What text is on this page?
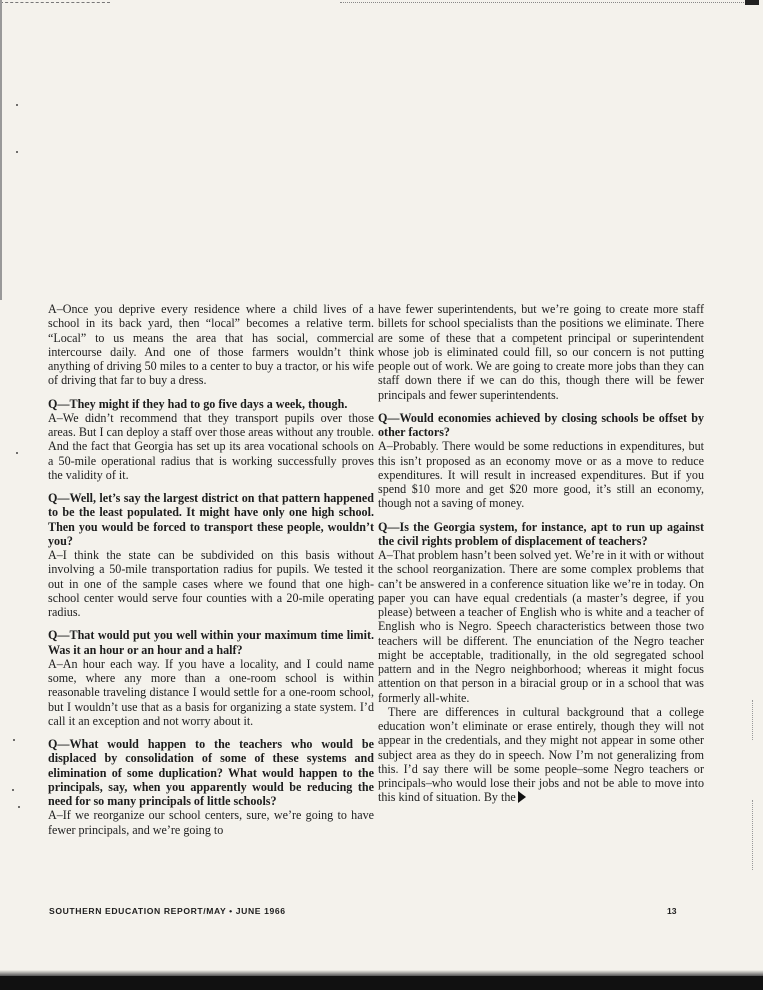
A–Once you deprive every residence where a child lives of a school in its back yard, then “local” becomes a relative term. “Local” to us means the area that has social, commercial intercourse daily. And one of those farmers wouldn’t think anything of driving 50 miles to a center to buy a tractor, or his wife of driving that far to buy a dress.

Q—They might if they had to go five days a week, though.

A–We didn’t recommend that they transport pupils over those areas. But I can deploy a staff over those areas without any trouble. And the fact that Georgia has set up its area vocational schools on a 50-mile operational radius that is working successfully proves the validity of it.

Q—Well, let’s say the largest district on that pattern happened to be the least populated. It might have only one high school. Then you would be forced to transport these people, wouldn’t you?

A–I think the state can be subdivided on this basis without involving a 50-mile transportation radius for pupils. We tested it out in one of the sample cases where we found that one high-school center would serve four counties with a 20-mile operating radius.

Q—That would put you well within your maximum time limit. Was it an hour or an hour and a half?

A–An hour each way. If you have a locality, and I could name some, where any more than a one-room school is within reasonable traveling distance I would settle for a one-room school, but I wouldn’t use that as a basis for organizing a state system. I’d call it an exception and not worry about it.

Q—What would happen to the teachers who would be displaced by consolidation of some of these systems and elimination of some duplication? What would happen to the principals, say, when you apparently would be reducing the need for so many principals of little schools?

A–If we reorganize our school centers, sure, we’re going to have fewer principals, and we’re going to

have fewer superintendents, but we’re going to create more staff billets for school specialists than the positions we eliminate. There are some of these that a competent principal or superintendent whose job is eliminated could fill, so our concern is not putting people out of work. We are going to create more jobs than they can staff down there if we can do this, though there will be fewer principals and fewer superintendents.

Q—Would economies achieved by closing schools be offset by other factors?

A–Probably. There would be some reductions in expenditures, but this isn’t proposed as an economy move or as a move to reduce expenditures. It will result in increased expenditures. But if you spend $10 more and get $20 more good, it’s still an economy, though not a saving of money.

Q—Is the Georgia system, for instance, apt to run up against the civil rights problem of displacement of teachers?

A–That problem hasn’t been solved yet. We’re in it with or without the school reorganization. There are some complex problems that can’t be answered in a conference situation like we’re in today. On paper you can have equal credentials (a master’s degree, if you please) between a teacher of English who is white and a teacher of English who is Negro. Speech characteristics between those two teachers will be different. The enunciation of the Negro teacher might be acceptable, traditionally, in the old segregated school pattern and in the Negro neighborhood; whereas it might focus attention on that person in a biracial group or in a school that was formerly all-white.

There are differences in cultural background that a college education won’t eliminate or erase entirely, though they will not appear in the credentials, and they might not appear in some other subject area as they do in speech. Now I’m not generalizing from this. I’d say there will be some people–some Negro teachers or principals–who would lose their jobs and not be able to move into this kind of situation. By the

SOUTHERN EDUCATION REPORT/MAY • JUNE 1966	13
